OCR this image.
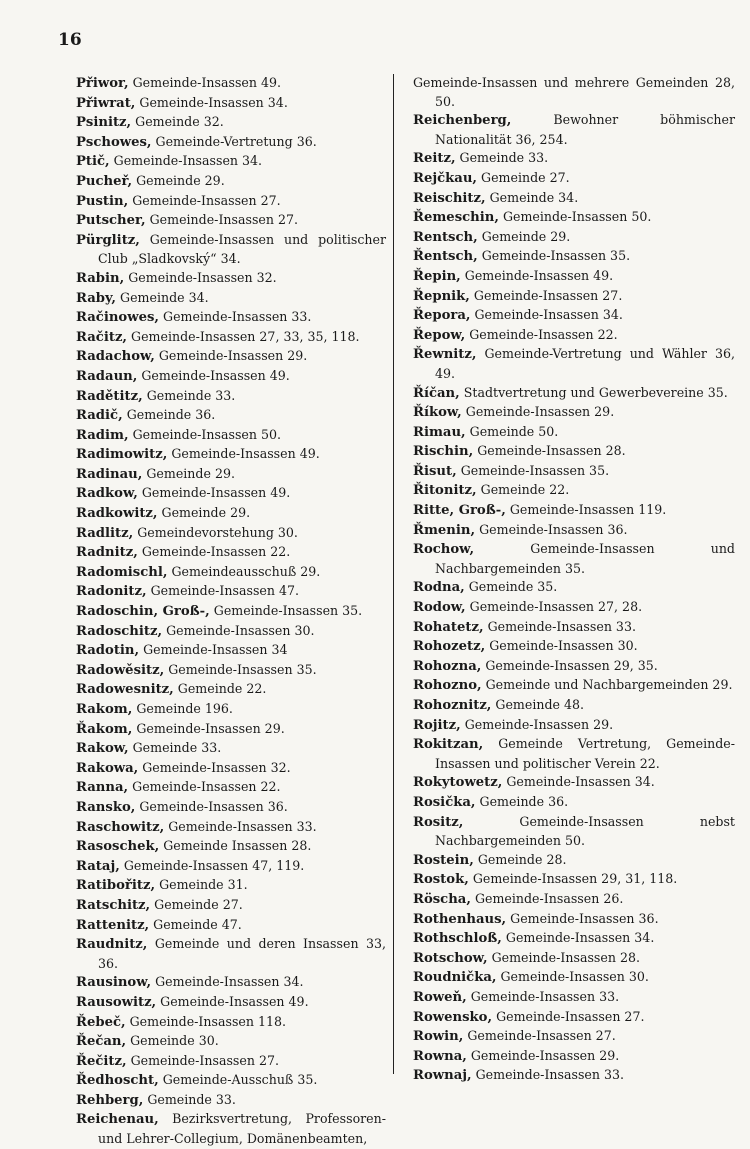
16
Přiwor, Gemeinde-Insassen 49.
Přiwrat, Gemeinde-Insassen 34.
Psinitz, Gemeinde 32.
Pschowes, Gemeinde-Vertretung 36.
Ptič, Gemeinde-Insassen 34.
Puchеř, Gemeinde 29.
Pustin, Gemeinde-Insassen 27.
Putscher, Gemeinde-Insassen 27.
Pürglitz, Gemeinde-Insassen und politischer Club „Sladkovský“ 34.
Rabin, Gemeinde-Insassen 32.
Raby, Gemeinde 34.
Račinowes, Gemeinde-Insassen 33.
Račitz, Gemeinde-Insassen 27, 33, 35, 118.
Radachow, Gemeinde-Insassen 29.
Radaun, Gemeinde-Insassen 49.
Radětitz, Gemeinde 33.
Radič, Gemeinde 36.
Radim, Gemeinde-Insassen 50.
Radimowitz, Gemeinde-Insassen 49.
Radinau, Gemeinde 29.
Radkow, Gemeinde-Insassen 49.
Radkowitz, Gemeinde 29.
Radlitz, Gemeindevorstehung 30.
Radnitz, Gemeinde-Insassen 22.
Radomischl, Gemeindeausschuß 29.
Radonitz, Gemeinde-Insassen 47.
Radoschin, Groß-, Gemeinde-Insassen 35.
Radoschitz, Gemeinde-Insassen 30.
Radotin, Gemeinde-Insassen 34
Radowěsitz, Gemeinde-Insassen 35.
Radowesnitz, Gemeinde 22.
Rakom, Gemeinde 196.
Řakom, Gemeinde-Insassen 29.
Rakow, Gemeinde 33.
Rakowa, Gemeinde-Insassen 32.
Ranna, Gemeinde-Insassen 22.
Ransko, Gemeinde-Insassen 36.
Raschowitz, Gemeinde-Insassen 33.
Rasoschek, Gemeinde Insassen 28.
Rataj, Gemeinde-Insassen 47, 119.
Ratibořitz, Gemeinde 31.
Ratschitz, Gemeinde 27.
Rattenitz, Gemeinde 47.
Raudnitz, Gemeinde und deren Insassen 33, 36.
Rausinow, Gemeinde-Insassen 34.
Rausowitz, Gemeinde-Insassen 49.
Řebeč, Gemeinde-Insassen 118.
Řečan, Gemeinde 30.
Řečitz, Gemeinde-Insassen 27.
Ředhoscht, Gemeinde-Ausschuß 35.
Rehberg, Gemeinde 33.
Reichenau, Bezirksvertretung, Professoren- und Lehrer-Collegium, Domänenbeamten,
Gemeinde-Insassen und mehrere Gemeinden 28, 50.
Reichenberg,	Bewohner böhmischer Nationalität 36, 254.
Reitz, Gemeinde 33.
Rejčkau, Gemeinde 27.
Reischitz, Gemeinde 34.
Řemeschin, Gemeinde-Insassen 50.
Rentsch, Gemeinde 29.
Řentsch, Gemeinde-Insassen 35.
Řepin, Gemeinde-Insassen 49.
Řepnik, Gemeinde-Insassen 27.
Řepora, Gemeinde-Insassen 34.
Řepow, Gemeinde-Insassen 22.
Řewnitz, Gemeinde-Vertretung und Wähler 36, 49.
Říčan, Stadtvertretung und Gewerbevereine 35.
Říkow, Gemeinde-Insassen 29.
Rimau, Gemeinde 50.
Rischin, Gemeinde-Insassen 28.
Řisut, Gemeinde-Insassen 35.
Řitonitz, Gemeinde 22.
Ritte, Groß-, Gemeinde-Insassen 119.
Řmenin, Gemeinde-Insassen 36.
Rochow,	Gemeinde-Insassen und Nachbargemeinden 35.
Rodna, Gemeinde 35.
Rodow, Gemeinde-Insassen 27, 28.
Rohatetz, Gemeinde-Insassen 33.
Rohozetz, Gemeinde-Insassen 30.
Rohozna, Gemeinde-Insassen 29, 35.
Rohozno, Gemeinde und Nachbargemeinden 29.
Rohoznitz, Gemeinde 48.
Rojitz, Gemeinde-Insassen 29.
Rokitzan, Gemeinde Vertretung, Gemeinde-Insassen und politischer Verein 22.
Rokytowetz, Gemeinde-Insassen 34.
Rosička, Gemeinde 36.
Rositz,	Gemeinde-Insassen nebst Nachbargemeinden 50.
Rostein, Gemeinde 28.
Rostok, Gemeinde-Insassen 29, 31, 118.
Röscha, Gemeinde-Insassen 26.
Rothenhaus, Gemeinde-Insassen 36.
Rothschloß, Gemeinde-Insassen 34.
Rotschow, Gemeinde-Insassen 28.
Roudnička, Gemeinde-Insassen 30.
Roweň, Gemeinde-Insassen 33.
Rowensko, Gemeinde-Insassen 27.
Rowin, Gemeinde-Insassen 27.
Rowna, Gemeinde-Insassen 29.
Rownaj, Gemeinde-Insassen 33.
